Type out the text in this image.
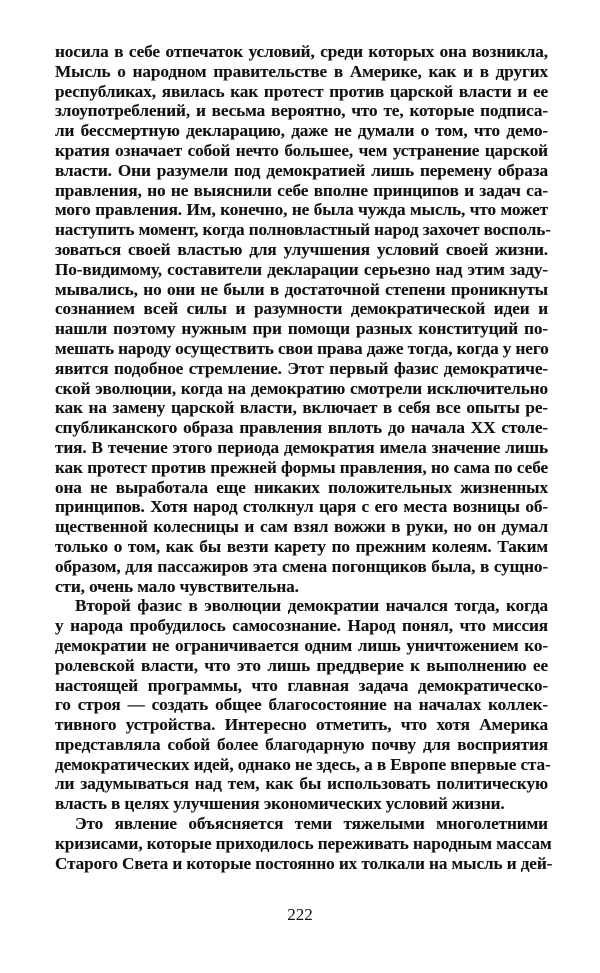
носила в себе отпечаток условий, среди которых она возникла,
Мысль о народном правительстве в Америке, как и в других
республиках, явилась как протест против царской власти и ее
злоупотреблений, и весьма вероятно, что те, которые подписа-
ли бессмертную декларацию, даже не думали о том, что демо-
кратия означает собой нечто большее, чем устранение царской
власти. Они разумели под демократией лишь перемену образа
правления, но не выяснили себе вполне принципов и задач са-
мого правления. Им, конечно, не была чужда мысль, что может
наступить момент, когда полновластный народ захочет восполь-
зоваться своей властью для улучшения условий своей жизни.
По-видимому, составители декларации серьезно над этим заду-
мывались, но они не были в достаточной степени проникнуты
сознанием всей силы и разумности демократической идеи и
нашли поэтому нужным при помощи разных конституций по-
мешать народу осуществить свои права даже тогда, когда у него
явится подобное стремление. Этот первый фазис демократиче-
ской эволюции, когда на демократию смотрели исключительно
как на замену царской власти, включает в себя все опыты ре-
спубликанского образа правления вплоть до начала XX столе-
тия. В течение этого периода демократия имела значение лишь
как протест против прежней формы правления, но сама по себе
она не выработала еще никаких положительных жизненных
принципов. Хотя народ столкнул царя с его места возницы об-
щественной колесницы и сам взял вожжи в руки, но он думал
только о том, как бы везти карету по прежним колеям. Таким
образом, для пассажиров эта смена погонщиков была, в сущно-
сти, очень мало чувствительна.
Второй фазис в эволюции демократии начался тогда, когда
у народа пробудилось самосознание. Народ понял, что миссия
демократии не ограничивается одним лишь уничтожением ко-
ролевской власти, что это лишь преддверие к выполнению ее
настоящей программы, что главная задача демократическо-
го строя — создать общее благосостояние на началах коллек-
тивного устройства. Интересно отметить, что хотя Америка
представляла собой более благодарную почву для восприятия
демократических идей, однако не здесь, а в Европе впервые ста-
ли задумываться над тем, как бы использовать политическую
власть в целях улучшения экономических условий жизни.
Это явление объясняется теми тяжелыми многолетними
кризисами, которые приходилось переживать народным массам
Старого Света и которые постоянно их толкали на мысль и дей-
222
